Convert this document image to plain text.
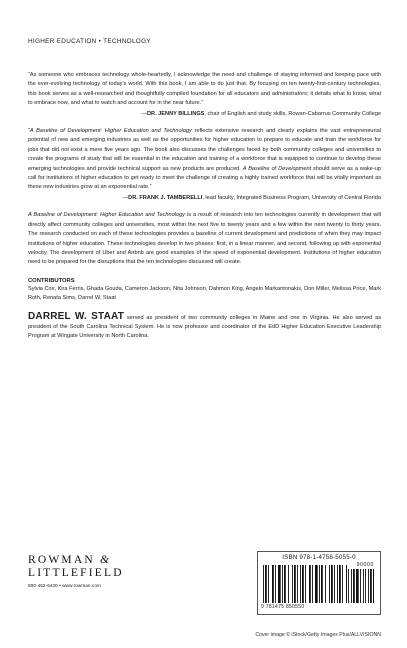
HIGHER EDUCATION • TECHNOLOGY

“As someone who embraces technology whole-heartedly, I acknowledge the need and challenge of staying informed and keeping pace with the ever-evolving technology of today’s world. With this book, I am able to do just that. By focusing on ten twenty-first-century technologies, this book serves as a well-researched and thoughtfully compiled foundation for all educators and administrators; it details what to know, what to embrace now, and what to watch and account for in the near future.”

—DR. JENNY BILLINGS, chair of English and study skills, Rowan-Cabarrus Community College

“A Baseline of Development: Higher Education and Technology reflects extensive research and clearly explains the vast entrepreneurial potential of new and emerging industries as well as the opportunities for higher education to prepare to educate and train the workforce for jobs that did not exist a mere five years ago. The book also discusses the challenges faced by both community colleges and universities to create the programs of study that will be essential in the education and training of a workforce that is equipped to continue to develop these emerging technologies and provide technical support as new products are produced. A Baseline of Development should serve as a wake-up call for institutions of higher education to get ready to meet the challenge of creating a highly trained workforce that will be vitally important as these new industries grow at an exponential rate.”

—DR. FRANK J. TAMBERELLI, lead faculty, Integrated Business Program, University of Central Florida

A Baseline of Development: Higher Education and Technology is a result of research into ten technologies currently in development that will directly affect community colleges and universities, most within the next five to twenty years and a few within the next twenty to thirty years. The research conducted on each of these technologies provides a baseline of current development and predictions of when they may impact institutions of higher education. These technologies develop in two phases: first, in a linear manner, and second, following up with exponential velocity. The development of Uber and Airbnb are good examples of the speed of exponential development. Institutions of higher education need to be prepared for the disruptions that the ten technologies discussed will create.

CONTRIBUTORS

Sylvia Cox, Kira Ferris, Ghada Gouda, Cameron Jackson, Nita Johnson, Dahmon King, Angelo Markantonakis, Don Miller, Melissa Price, Mark Roth, Renata Sims, Darrel W. Staat

DARREL W. STAAT served as president of two community colleges in Maine and one in Virginia. He also served as president of the South Carolina Technical System. He is now professor and coordinator of the EdD Higher Education Executive Leadership Program at Wingate University in North Carolina.

ROWMAN &
LITTLEFIELD
800-462-6420 • www.rowman.com
ISBN 978-1-4758-5055-0
90000
9 781475 850550
Cover image © iStock/Getty Images Plus/ALLVISIONN
